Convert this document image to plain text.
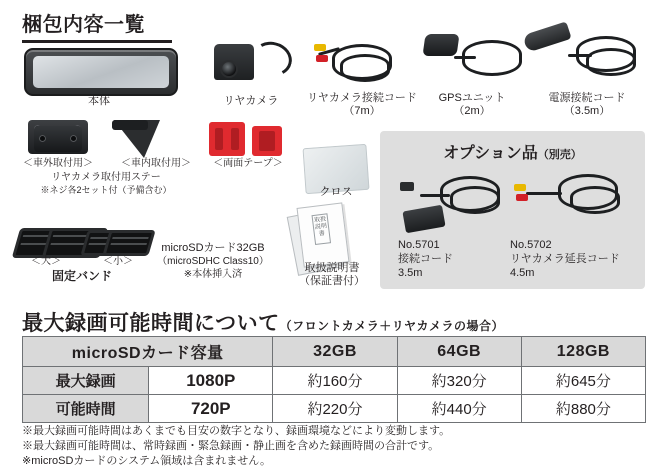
梱包内容一覧
本体	リヤカメラ	リヤカメラ接続コード
（7m）
GPSユニット
（2m）
電源接続コード
（3.5m）
＜車外取付用＞	＜車内取付用＞
リヤカメラ取付用ステー
※ネジ各2セット付（予備含む）
＜両面テープ＞
クロス
＜大＞	＜小＞
固定バンド
microSDカード32GB
（microSDHC Class10）
※本体挿入済
取扱
説明書
取扱説明書
（保証書付）
オプション品（別売）
No.5701
接続コード
3.5m
No.5702
リヤカメラ延長コード
4.5m
最大録画可能時間について（フロントカメラ＋リヤカメラの場合）
microSDカード容量		32GB	64GB	128GB
最大録画	1080P	約160分	約320分	約645分
可能時間	720P	約220分	約440分	約880分
※最大録画可能時間はあくまでも目安の数字となり、録画環境などにより変動します。
※最大録画可能時間は、常時録画・緊急録画・静止画を含めた録画時間の合計です。
※microSDカードのシステム領域は含まれません。
